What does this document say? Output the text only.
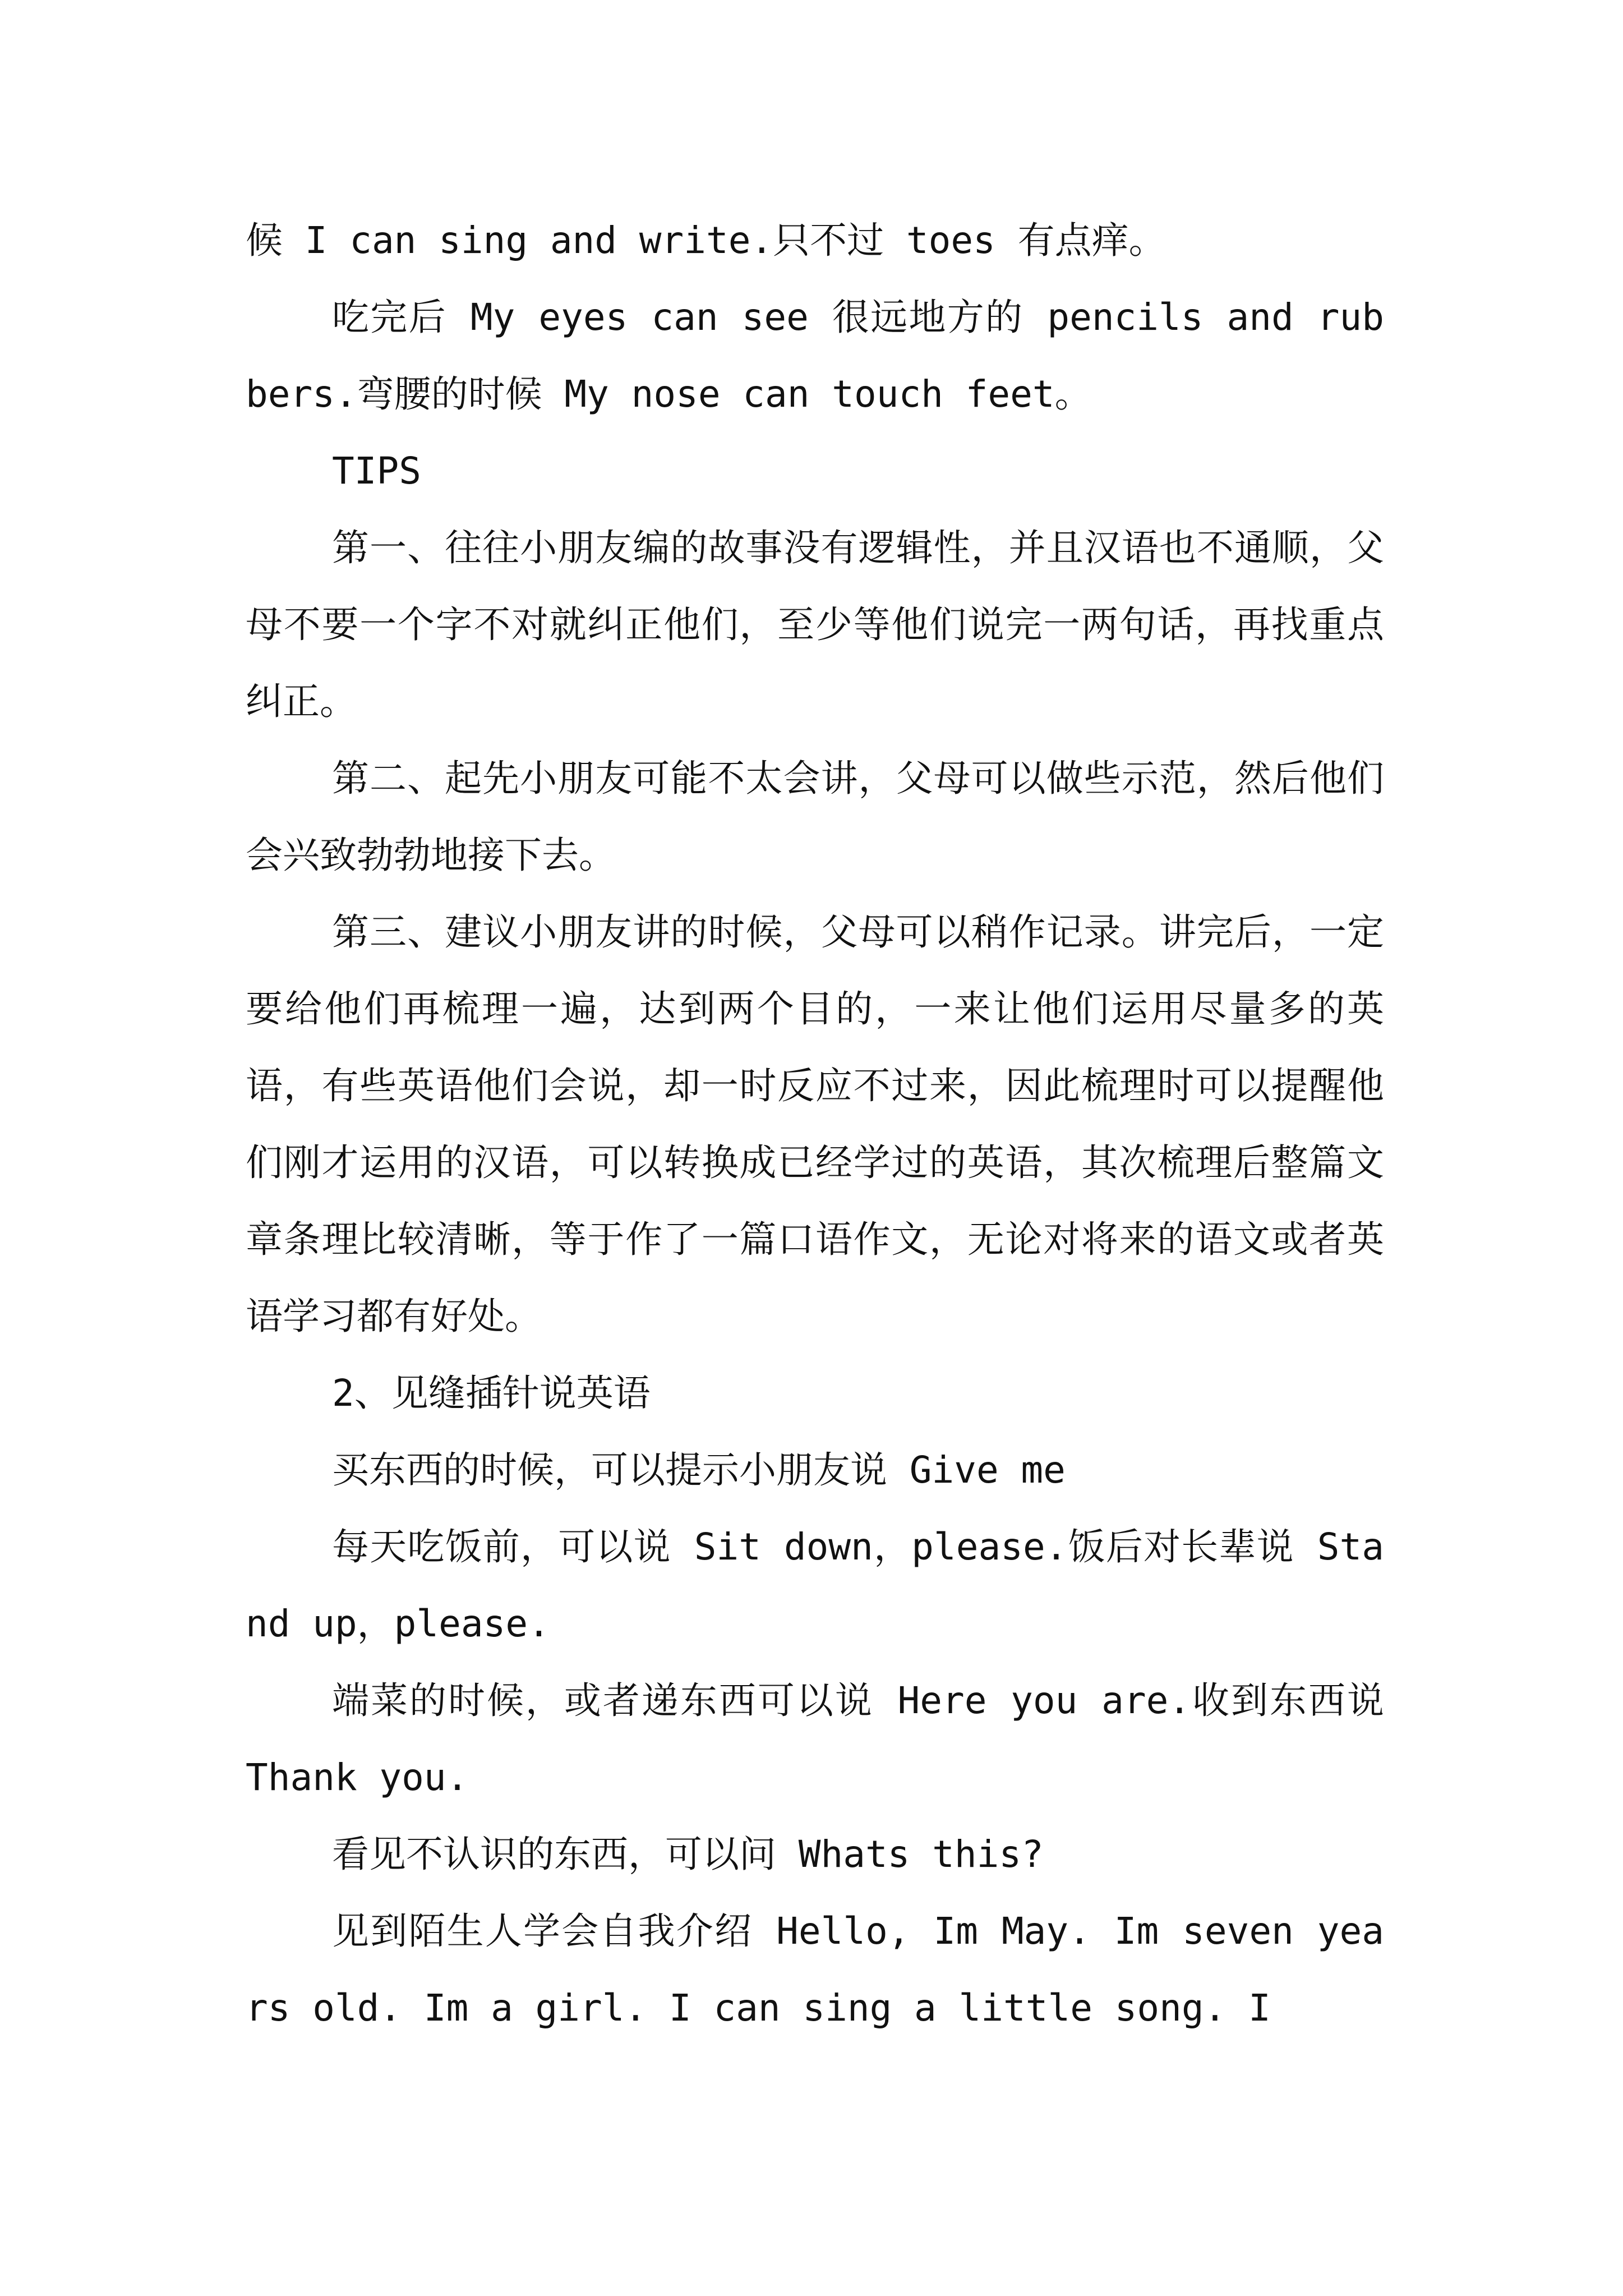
候 I can sing and write.只不过 toes 有点痒。

吃完后 My eyes can see 很远地方的 pencils and rubbers.弯腰的时候 My nose can touch feet。

TIPS

第一、往往小朋友编的故事没有逻辑性，并且汉语也不通顺，父母不要一个字不对就纠正他们，至少等他们说完一两句话，再找重点纠正。

第二、起先小朋友可能不太会讲，父母可以做些示范，然后他们会兴致勃勃地接下去。

第三、建议小朋友讲的时候，父母可以稍作记录。讲完后，一定要给他们再梳理一遍，达到两个目的，一来让他们运用尽量多的英语，有些英语他们会说，却一时反应不过来，因此梳理时可以提醒他们刚才运用的汉语，可以转换成已经学过的英语，其次梳理后整篇文章条理比较清晰，等于作了一篇口语作文，无论对将来的语文或者英语学习都有好处。

2、见缝插针说英语

买东西的时候，可以提示小朋友说 Give me

每天吃饭前，可以说 Sit down，please.饭后对长辈说 Stand up，please.

端菜的时候，或者递东西可以说 Here you are.收到东西说 Thank you.

看见不认识的东西，可以问 Whats this?

见到陌生人学会自我介绍 Hello, Im May. Im seven years old. Im a girl. I can sing a little song. I
